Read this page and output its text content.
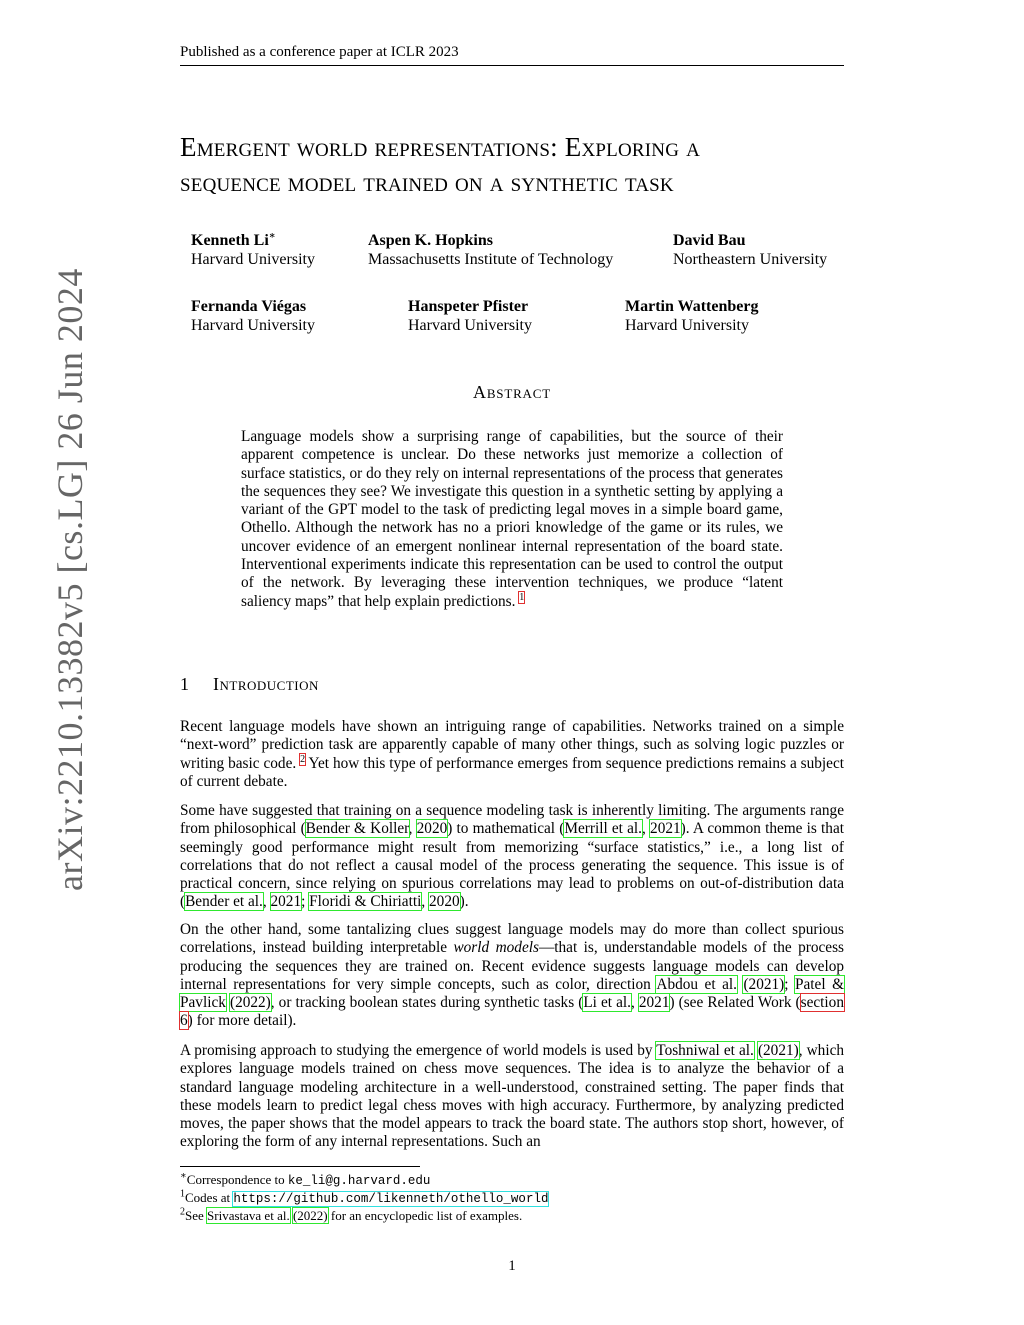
Published as a conference paper at ICLR 2023
arXiv:2210.13382v5 [cs.LG] 26 Jun 2024
Emergent world representations: Exploring a
sequence model trained on a synthetic task
Kenneth Li∗
Harvard University
Aspen K. Hopkins
Massachusetts Institute of Technology
David Bau
Northeastern University
Fernanda Viégas
Harvard University
Hanspeter Pfister
Harvard University
Martin Wattenberg
Harvard University
Abstract
Language models show a surprising range of capabilities, but the source of their apparent competence is unclear. Do these networks just memorize a collection of surface statistics, or do they rely on internal representations of the process that generates the sequences they see? We investigate this question in a synthetic setting by applying a variant of the GPT model to the task of predicting legal moves in a simple board game, Othello. Although the network has no a priori knowledge of the game or its rules, we uncover evidence of an emergent nonlinear internal representation of the board state. Interventional experiments indicate this representation can be used to control the output of the network. By leveraging these intervention techniques, we produce “latent saliency maps” that help explain predictions. $^1$
1 Introduction
Recent language models have shown an intriguing range of capabilities. Networks trained on a simple “next-word” prediction task are apparently capable of many other things, such as solving logic puzzles or writing basic code. $^2$ Yet how this type of performance emerges from sequence predictions remains a subject of current debate.
Some have suggested that training on a sequence modeling task is inherently limiting. The arguments range from philosophical (Bender & Koller, 2020) to mathematical (Merrill et al., 2021). A common theme is that seemingly good performance might result from memorizing “surface statistics,” i.e., a long list of correlations that do not reflect a causal model of the process generating the sequence. This issue is of practical concern, since relying on spurious correlations may lead to problems on out-of-distribution data (Bender et al., 2021; Floridi & Chiriatti, 2020).
On the other hand, some tantalizing clues suggest language models may do more than collect spurious correlations, instead building interpretable world models—that is, understandable models of the process producing the sequences they are trained on. Recent evidence suggests language models can develop internal representations for very simple concepts, such as color, direction Abdou et al. (2021); Patel & Pavlick (2022), or tracking boolean states during synthetic tasks (Li et al., 2021) (see Related Work (section 6) for more detail).
A promising approach to studying the emergence of world models is used by Toshniwal et al. (2021), which explores language models trained on chess move sequences. The idea is to analyze the behavior of a standard language modeling architecture in a well-understood, constrained setting. The paper finds that these models learn to predict legal chess moves with high accuracy. Furthermore, by analyzing predicted moves, the paper shows that the model appears to track the board state. The authors stop short, however, of exploring the form of any internal representations. Such an
∗Correspondence to ke_li@g.harvard.edu
$^1$Codes at https://github.com/likenneth/othello_world
$^2$See Srivastava et al. (2022) for an encyclopedic list of examples.
1
